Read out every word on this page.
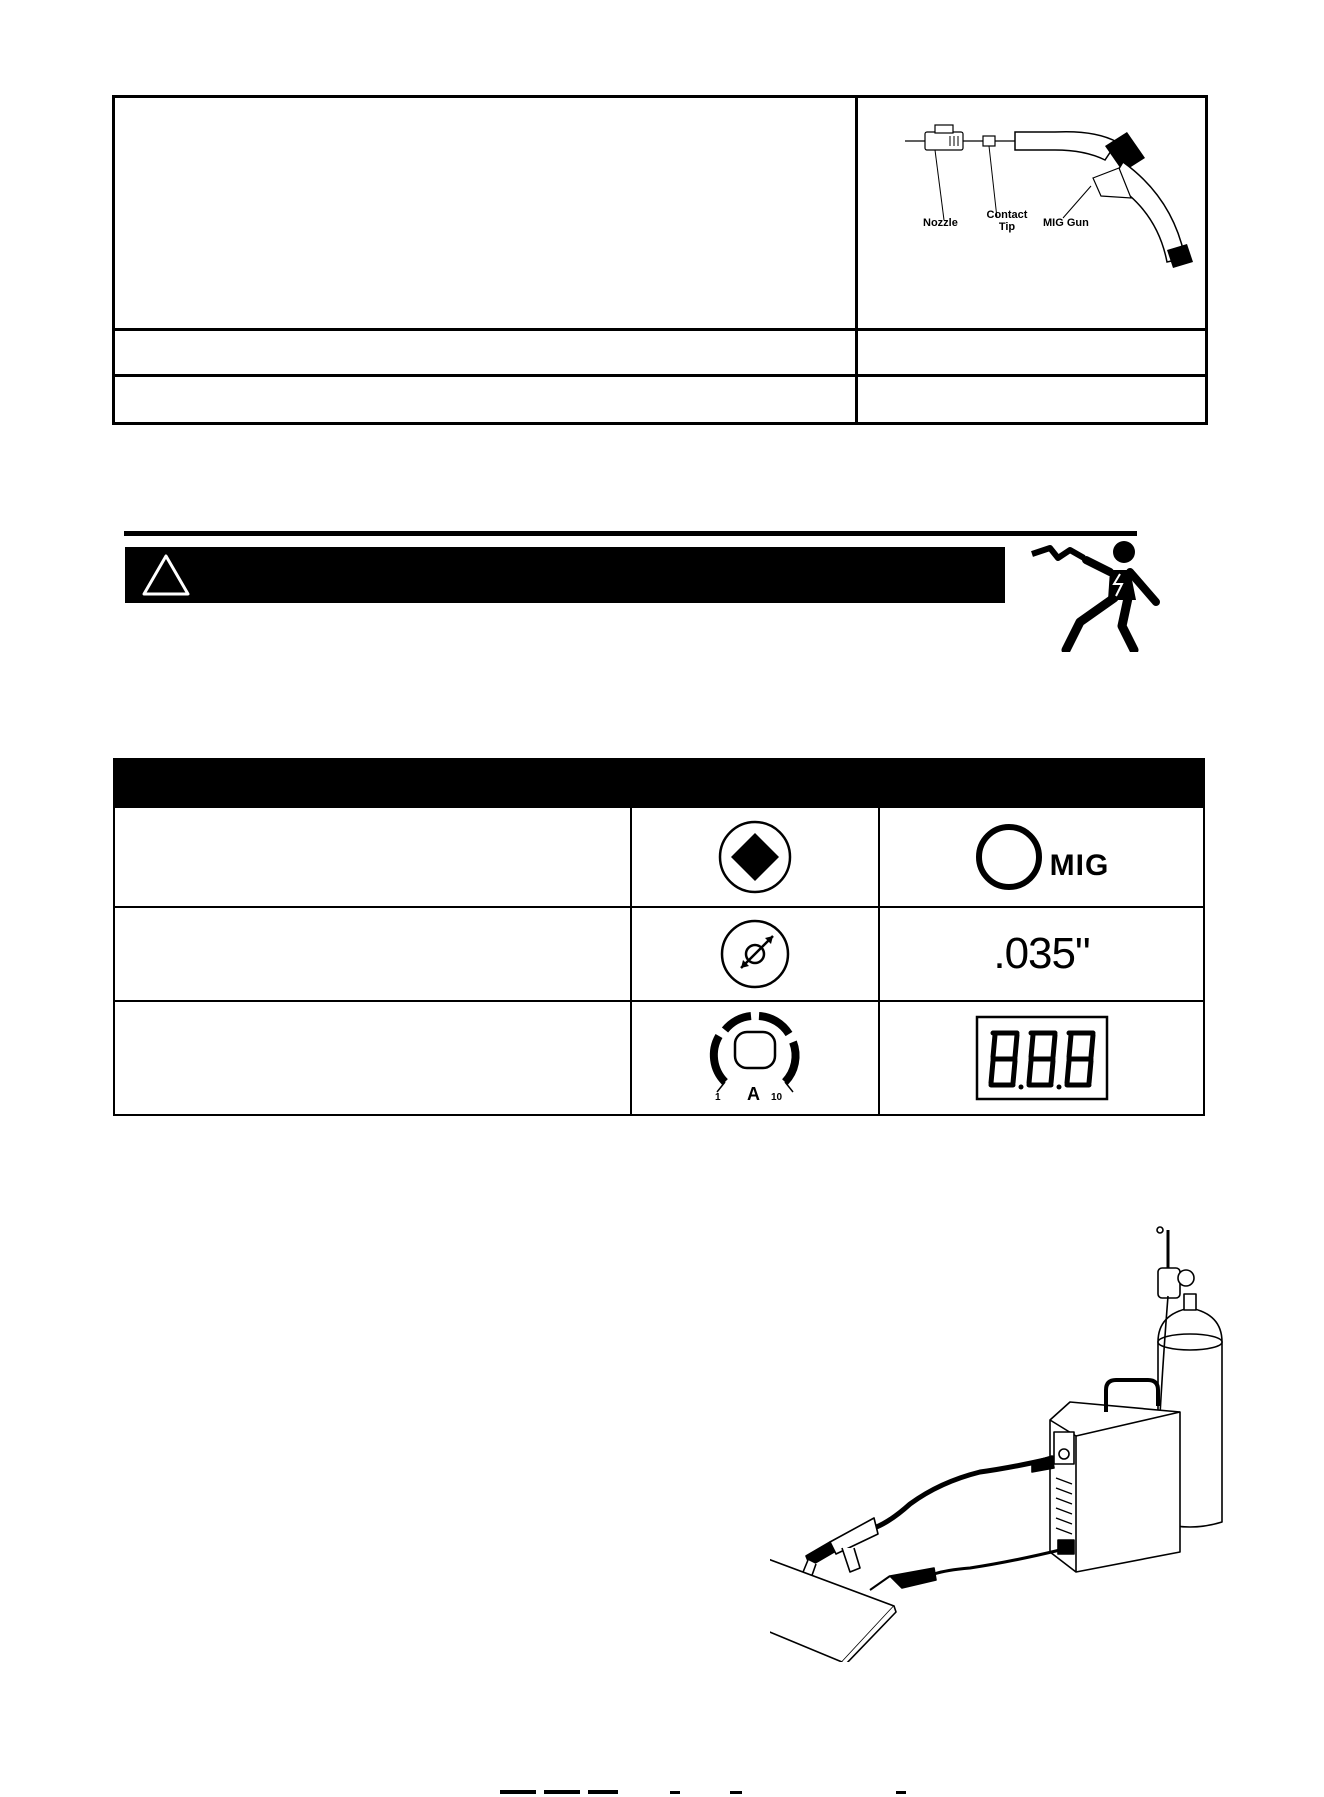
Nozzle
Contact
Tip	MIG Gun
MIG
.035"
1 A 10
